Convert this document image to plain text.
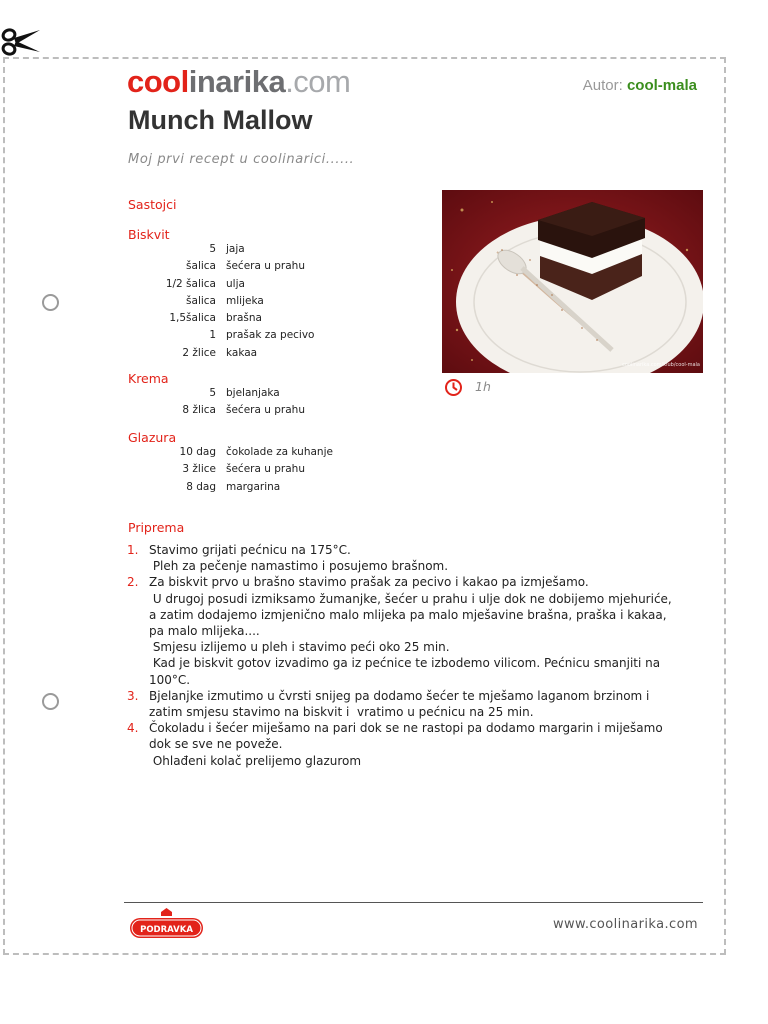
coolinarika.com	Autor: cool-mala
Munch Mallow
Moj prvi recept u coolinarici......
Sastojci
Biskvit
5 jaja
šalica šećera u prahu
1/2 šalica ulja
šalica mlijeka
1,5šalica brašna
1 prašak za pecivo
2 žlice kakaa
Krema
5 bjelanjaka
8 žlica šećera u prahu
Glazura
10 dag čokolade za kuhanje
3 žlice šećera u prahu
8 dag margarina
coolinarika.com/klub/cool-mala
1h
Priprema
1. Stavimo grijati pećnicu na 175°C.
Pleh za pečenje namastimo i posujemo brašnom.
2. Za biskvit prvo u brašno stavimo prašak za pecivo i kakao pa izmješamo.
U drugoj posudi izmiksamo žumanjke, šećer u prahu i ulje dok ne dobijemo mjehuriće,
a zatim dodajemo izmjenično malo mlijeka pa malo mješavine brašna, praška i kakaa,
pa malo mlijeka....
Smjesu izlijemo u pleh i stavimo peći oko 25 min.
Kad je biskvit gotov izvadimo ga iz pećnice te izbodemo vilicom. Pećnicu smanjiti na
100°C.
3. Bjelanjke izmutimo u čvrsti snijeg pa dodamo šećer te mješamo laganom brzinom i
zatim smjesu stavimo na biskvit i  vratimo u pećnicu na 25 min.
4. Čokoladu i šećer miješamo na pari dok se ne rastopi pa dodamo margarin i miješamo
dok se sve ne poveže.
Ohlađeni kolač prelijemo glazurom
PODRAVKA	www.coolinarika.com
